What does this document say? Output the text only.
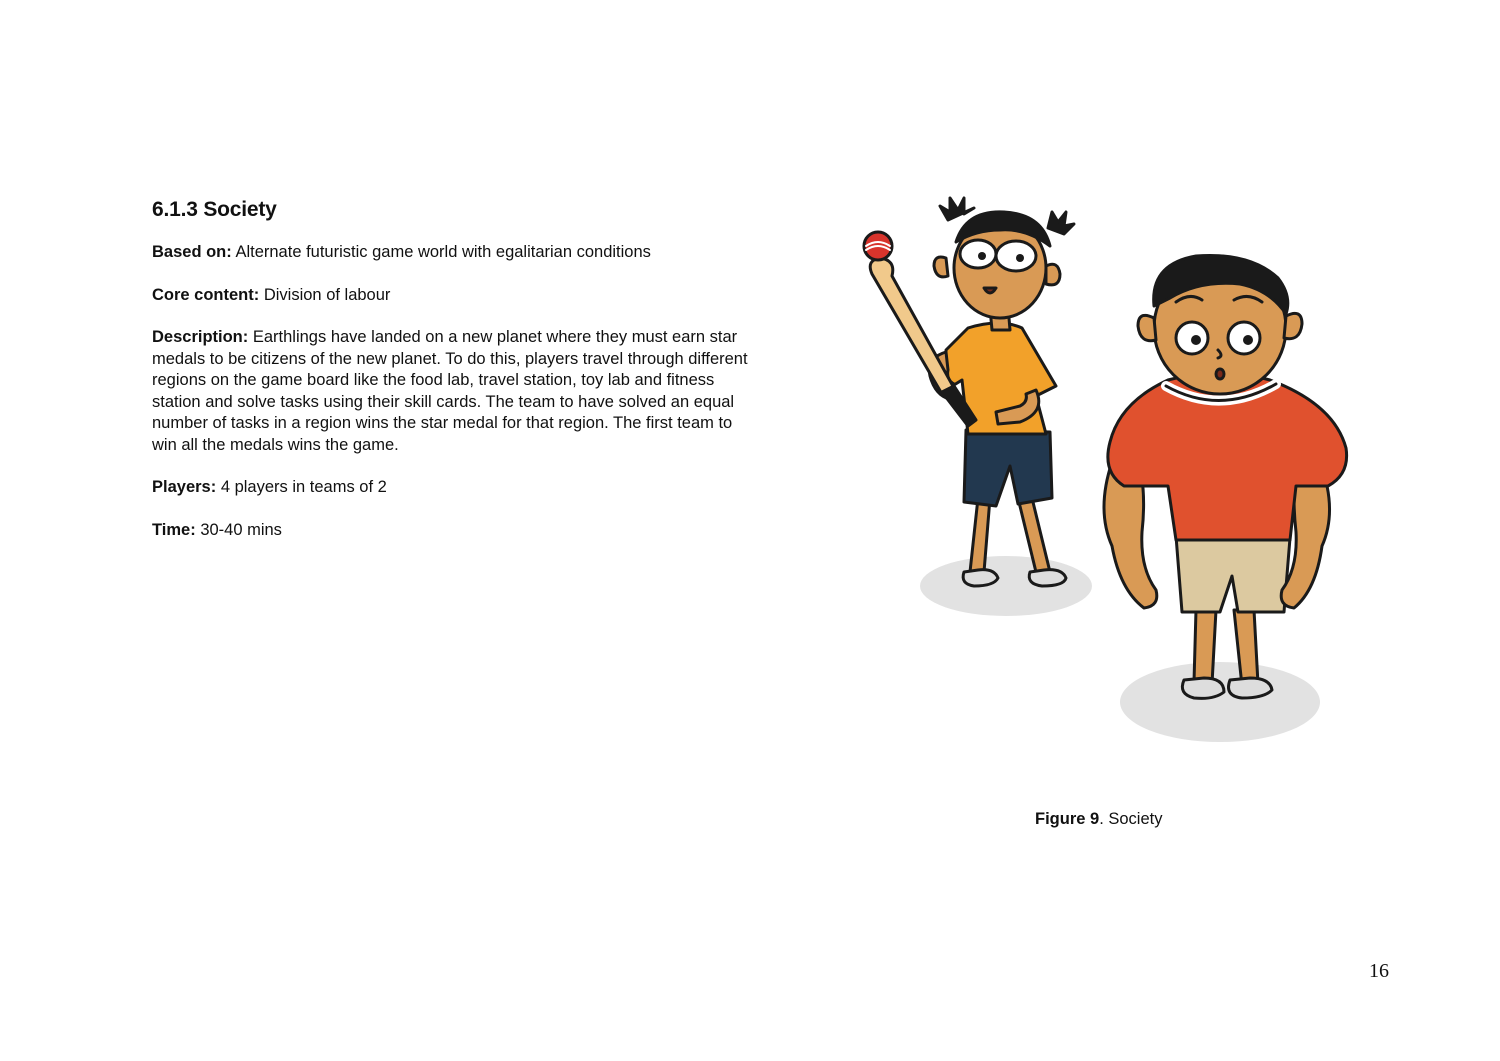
6.1.3 Society

Based on: Alternate futuristic game world with egalitarian conditions

Core content: Division of labour

Description: Earthlings have landed on a new planet where they must earn star medals to be citizens of the new planet. To do this, players travel through different regions on the game board like the food lab, travel station, toy lab and fitness station and solve tasks using their skill cards. The team to have solved an equal number of tasks in a region wins the star medal for that region. The first team to win all the medals wins the game.

Players: 4 players in teams of 2

Time: 30-40 mins

Figure 9. Society
16
